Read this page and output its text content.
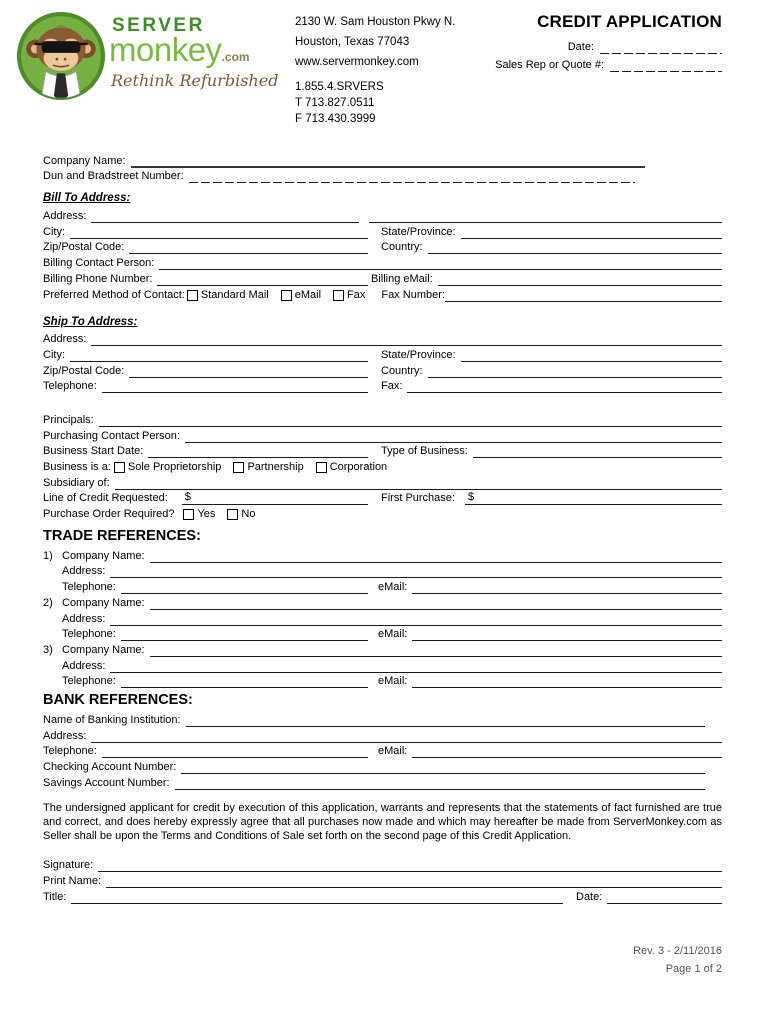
SERVER
monkey.com
Rethink Refurbished
2130 W. Sam Houston Pkwy N.
Houston, Texas 77043
www.servermonkey.com
1.855.4.SRVERS
T 713.827.0511
F 713.430.3999
CREDIT APPLICATION
Date:
Sales Rep or Quote #:
Company Name:
Dun and Bradstreet Number:
Bill To Address:
Address:
City:	State/Province:
Zip/Postal Code:	Country:
Billing Contact Person:
Billing Phone Number:	Billing eMail:
Preferred Method of Contact: Standard Mail eMail Fax Fax Number:
Ship To Address:
Address:
City:	State/Province:
Zip/Postal Code:	Country:
Telephone:	Fax:
Principals:
Purchasing Contact Person:
Business Start Date:	Type of Business:
Business is a: Sole Proprietorship Partnership Corporation
Subsidiary of:
Line of Credit Requested:	$	First Purchase:	$
Purchase Order Required?	Yes No
TRADE REFERENCES:
1) Company Name:
Address:
Telephone:	eMail:
2) Company Name:
Address:
Telephone:	eMail:
3) Company Name:
Address:
Telephone:	eMail:
BANK REFERENCES:
Name of Banking Institution:
Address:
Telephone:	eMail:
Checking Account Number:
Savings Account Number:
The undersigned applicant for credit by execution of this application, warrants and represents that the statements of fact furnished are true and correct, and does hereby expressly agree that all purchases now made and which may hereafter be made from ServerMonkey.com as Seller shall be upon the Terms and Conditions of Sale set forth on the second page of this Credit Application.
Signature:
Print Name:
Title:	Date:
Rev. 3 - 2/11/2016
Page 1 of 2
